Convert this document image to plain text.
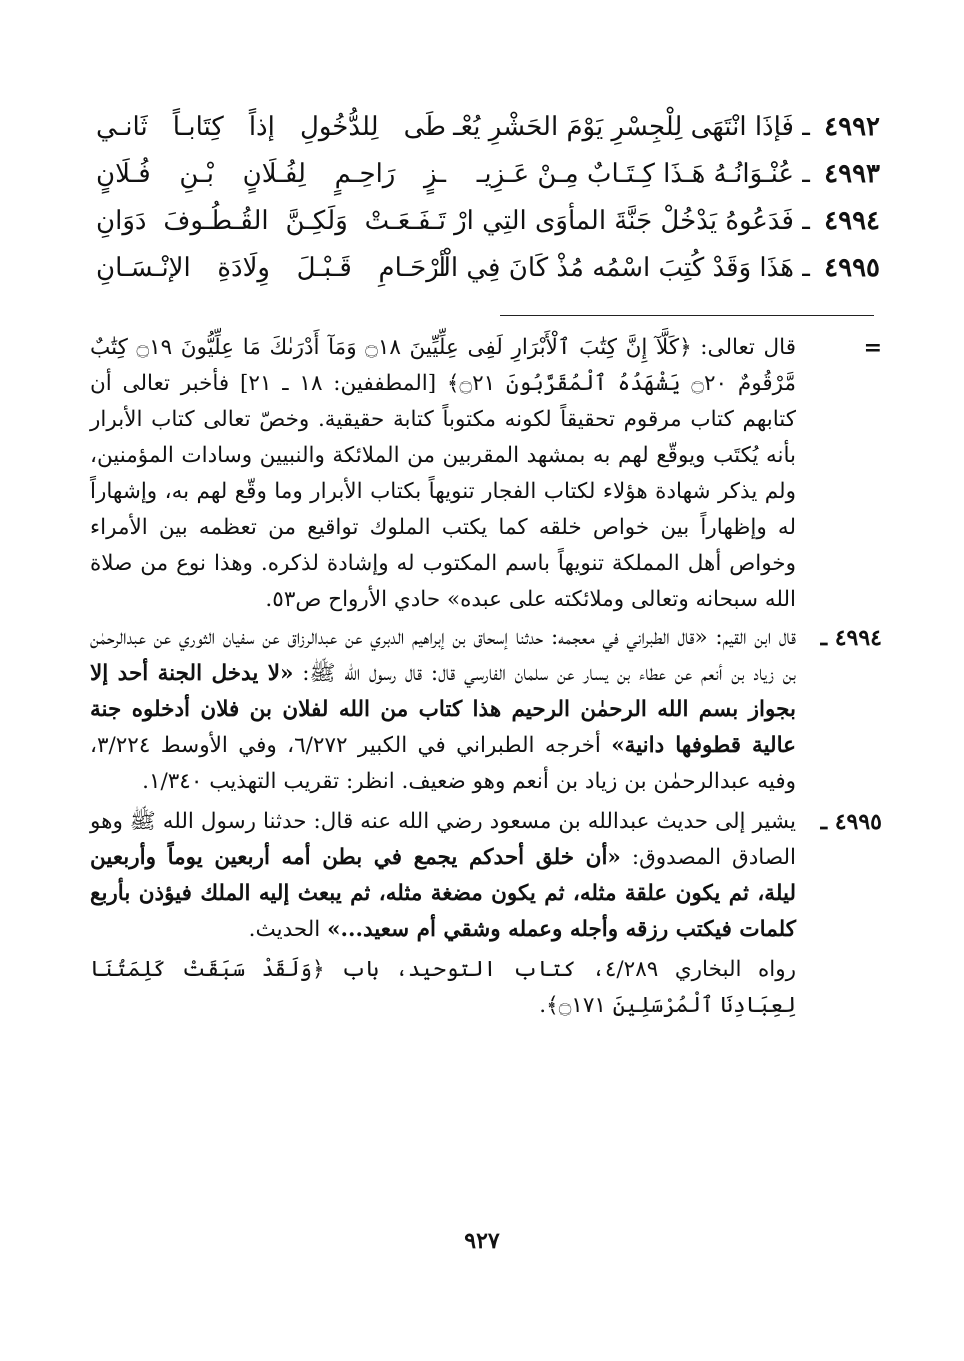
٤٩٩٢ ـ فَإذَا انْتَهَى لِلْجِسْرِ يَوْمَ الحَشْرِ يُعْـ
طَى لِلدُّخُولِ إذاً كِتَابـاً ثَانـي
٤٩٩٣ ـ عُنْـوَانُـهُ هَـذَا كِـتَـابٌ مِـنْ عَـزِيـ
ـزٍ رَاحِـمٍ لِفُـلَانٍ بْـنِ فُـلَانٍ
٤٩٩٤ ـ فَدَعُوهُ يَدْخُلْ جَنَّةَ المأوَى التِي ارْ
تَـفَـعَـتْ وَلَكِـنَّ القُـطُـوفَ دَوَانِ
٤٩٩٥ ـ هَذَا وَقَدْ كُتِبَ اسْمُه مُذْ كَانَ فِي الْـ
أرْحَـامِ قَـبْـلَ وِلَادَةِ الإنْـسَـانِ
=

قال تعالى: ﴿كَلَّآ إِنَّ كِتَٰبَ ٱلْأَبْرَارِ لَفِى عِلِّيِّينَ ۝١٨ وَمَآ أَدْرَىٰكَ مَا عِلِّيُّونَ ۝١٩ كِتَٰبٌ مَّرْقُومٌ ۝٢٠ يَشْهَدُهُ ٱلْمُقَرَّبُونَ ۝٢١﴾ [المطففين: ١٨ ـ ٢١] فأخبر تعالى أن كتابهم كتاب مرقوم تحقيقاً لكونه مكتوباً كتابة حقيقية. وخصّ تعالى كتاب الأبرار بأنه يُكتَب ويوقّع لهم به بمشهد المقربين من الملائكة والنبيين وسادات المؤمنين، ولم يذكر شهادة هؤلاء لكتاب الفجار تنويهاً بكتاب الأبرار وما وقّع لهم به، وإشهاراً له وإظهاراً بين خواص خلقه كما يكتب الملوك تواقيع من تعظمه بين الأمراء وخواص أهل المملكة تنويهاً باسم المكتوب له وإشادة لذكره. وهذا نوع من صلاة الله سبحانه وتعالى وملائكته على عبده» حادي الأرواح ص٥٣.

٤٩٩٤ ـ

قال ابن القيم: «قال الطبراني في معجمه: حدثنا إسحاق بن إبراهيم الدبري عن عبدالرزاق عن سفيان الثوري عن عبدالرحمٰن بن زياد بن أنعم عن عطاء بن يسار عن سلمان الفارسي قال: قال رسول الله ﷺ: «لا يدخل الجنة أحد إلا بجواز بسم الله الرحمٰن الرحيم هذا كتاب من الله لفلان بن فلان أدخلوه جنة عالية قطوفها دانية» أخرجه الطبراني في الكبير ٦/٢٧٢، وفي الأوسط ٣/٢٢٤، وفيه عبدالرحمٰن بن زياد بن أنعم وهو ضعيف. انظر: تقريب التهذيب ١/٣٤٠.

٤٩٩٥ ـ

يشير إلى حديث عبدالله بن مسعود رضي الله عنه قال: حدثنا رسول الله ﷺ وهو الصادق المصدوق: «أن خلق أحدكم يجمع في بطن أمه أربعين يوماً وأربعين ليلة، ثم يكون علقة مثله، ثم يكون مضغة مثله، ثم يبعث إليه الملك فيؤذن بأربع كلمات فيكتب رزقه وأجله وعمله وشقي أم سعيد...» الحديث.

رواه البخاري ٤/٢٨٩، كتاب التوحيد، باب ﴿وَلَقَدْ سَبَقَتْ كَلِمَتُنَا لِعِبَادِنَا ٱلْمُرْسَلِينَ ۝١٧١﴾.

٩٢٧
